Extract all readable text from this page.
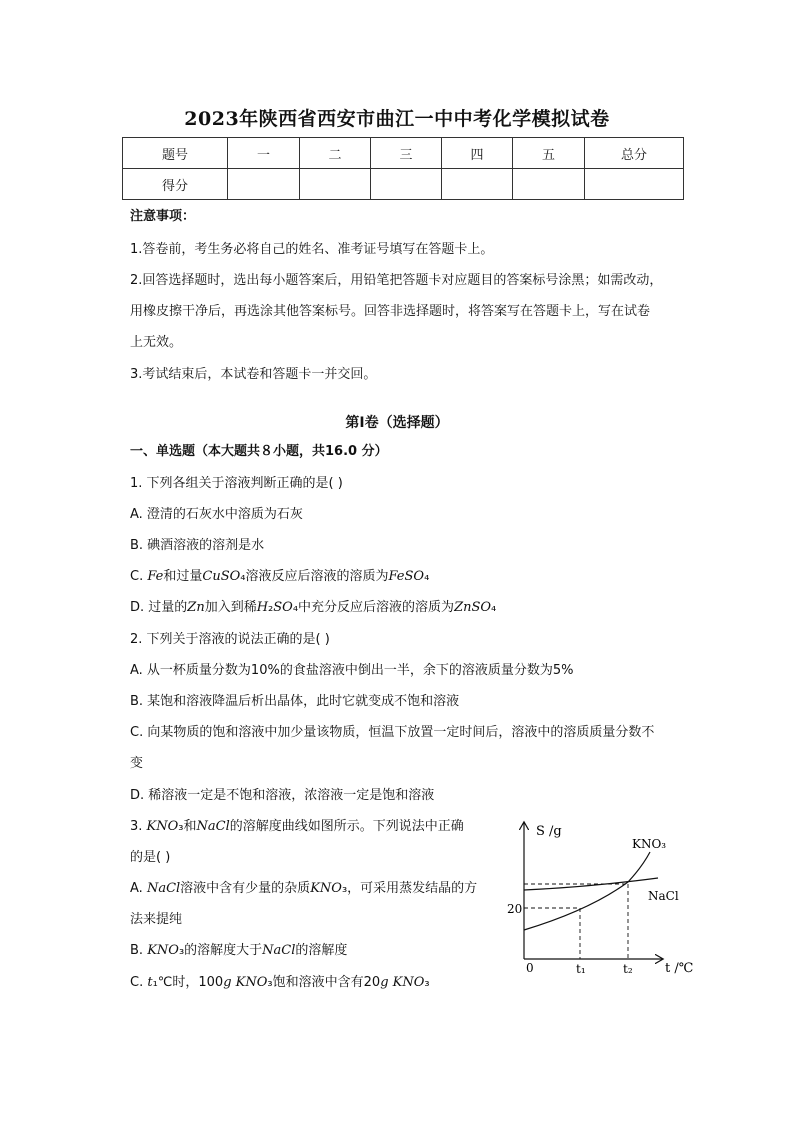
2023年陕西省西安市曲江一中中考化学模拟试卷
题号	一	二	三	四	五	总分
得分						
注意事项：
1.答卷前，考生务必将自己的姓名、准考证号填写在答题卡上。
2.回答选择题时，选出每小题答案后，用铅笔把答题卡对应题目的答案标号涂黑；如需改动，
用橡皮擦干净后，再选涂其他答案标号。回答非选择题时，将答案写在答题卡上，写在试卷
上无效。
3.考试结束后，本试卷和答题卡一并交回。
第Ⅰ卷（选择题）
一、单选题（本大题共８小题，共16.0 分）
1. 下列各组关于溶液判断正确的是( )
A. 澄清的石灰水中溶质为石灰
B. 碘酒溶液的溶剂是水
C. Fe和过量CuSO₄溶液反应后溶液的溶质为FeSO₄
D. 过量的Zn加入到稀H₂SO₄中充分反应后溶液的溶质为ZnSO₄
2. 下列关于溶液的说法正确的是( )
A. 从一杯质量分数为10%的食盐溶液中倒出一半，余下的溶液质量分数为5%
B. 某饱和溶液降温后析出晶体，此时它就变成不饱和溶液
C. 向某物质的饱和溶液中加少量该物质，恒温下放置一定时间后，溶液中的溶质质量分数不
变
D. 稀溶液一定是不饱和溶液，浓溶液一定是饱和溶液
3. KNO₃和NaCl的溶解度曲线如图所示。下列说法中正确
的是( )
A. NaCl溶液中含有少量的杂质KNO₃，可采用蒸发结晶的方
法来提纯
B. KNO₃的溶解度大于NaCl的溶解度
C. t₁℃时，100g KNO₃饱和溶液中含有20g KNO₃
S /g
t /℃
0
20
t₁	t₂
KNO₃
NaCl
